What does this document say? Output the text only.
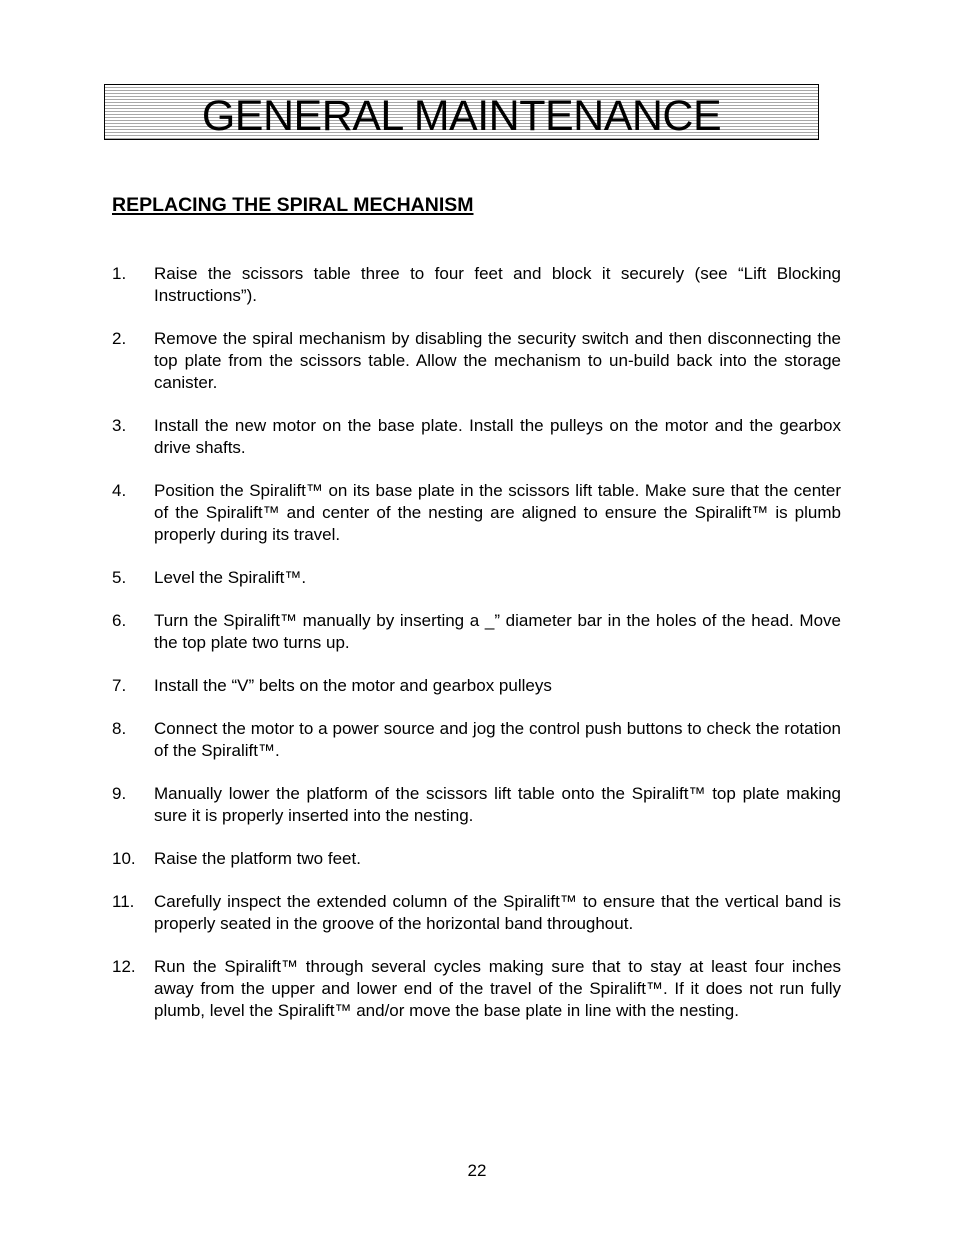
GENERAL MAINTENANCE
REPLACING THE SPIRAL MECHANISM
1. Raise the scissors table three to four feet and block it securely (see “Lift Blocking Instructions”).
2. Remove the spiral mechanism by disabling the security switch and then disconnecting the top plate from the scissors table. Allow the mechanism to un-build back into the storage canister.
3. Install the new motor on the base plate. Install the pulleys on the motor and the gearbox drive shafts.
4. Position the Spiralift™ on its base plate in the scissors lift table. Make sure that the center of the Spiralift™ and center of the nesting are aligned to ensure the Spiralift™ is plumb properly during its travel.
5. Level the Spiralift™.
6. Turn the Spiralift™ manually by inserting a _” diameter bar in the holes of the head. Move the top plate two turns up.
7. Install the “V” belts on the motor and gearbox pulleys
8. Connect the motor to a power source and jog the control push buttons to check the rotation of the Spiralift™.
9. Manually lower the platform of the scissors lift table onto the Spiralift™ top plate making sure it is properly inserted into the nesting.
10. Raise the platform two feet.
11. Carefully inspect the extended column of the Spiralift™ to ensure that the vertical band is properly seated in the groove of the horizontal band throughout.
12. Run the Spiralift™ through several cycles making sure that to stay at least four inches away from the upper and lower end of the travel of the Spiralift™. If it does not run fully plumb, level the Spiralift™ and/or move the base plate in line with the nesting.
22
